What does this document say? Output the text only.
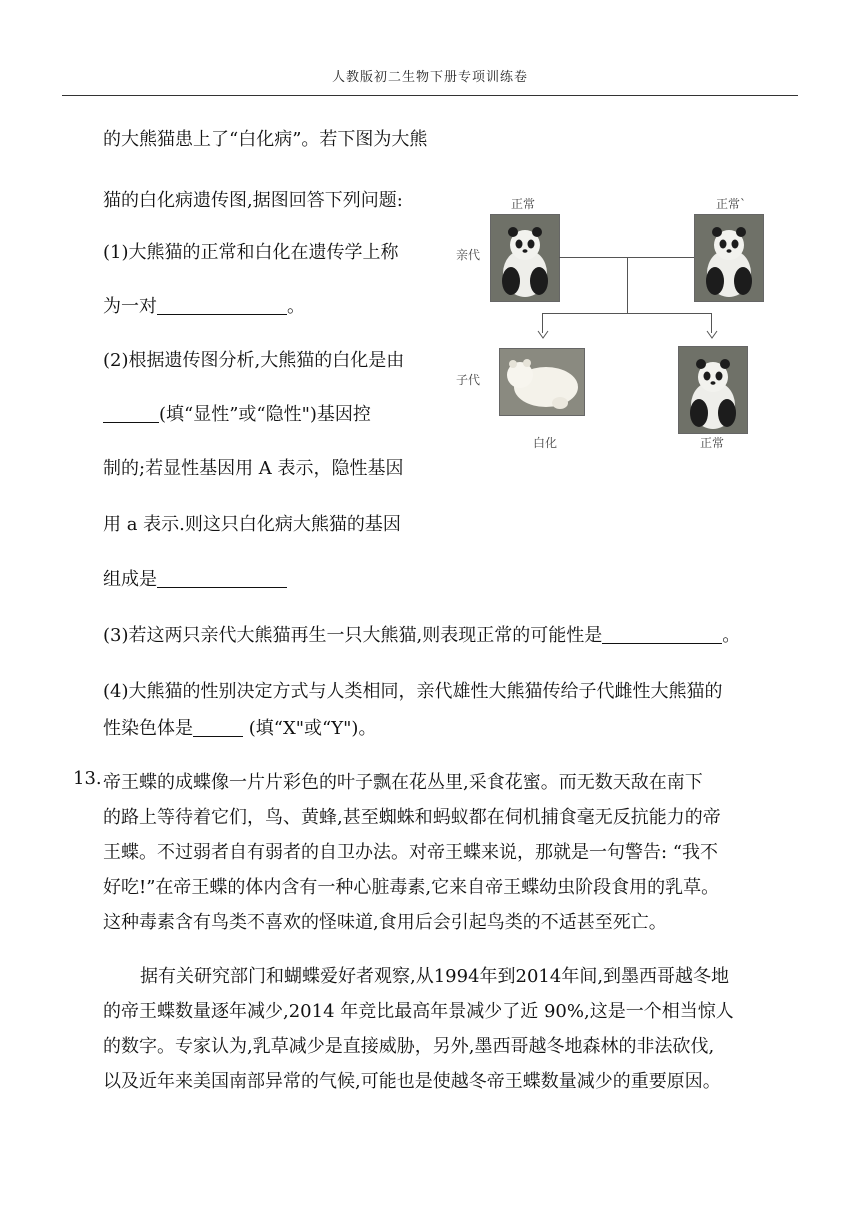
人教版初二生物下册专项训练卷
的大熊猫患上了“白化病”。若下图为大熊
猫的白化病遗传图,据图回答下列问题:
(1)大熊猫的正常和白化在遗传学上称
为一对	。
(2)根据遗传图分析,大熊猫的白化是由
(填“显性”或“隐性")基因控
制的;若显性基因用 A 表示，隐性基因
用 a 表示.则这只白化病大熊猫的基因
组成是
(3)若这两只亲代大熊猫再生一只大熊猫,则表现正常的可能性是	。
(4)大熊猫的性别决定方式与人类相同，亲代雄性大熊猫传给子代雌性大熊猫的
性染色体是	(填“X"或“Y")。
正常	正常`
亲代
子代
白化	正常
13. 帝王蝶的成蝶像一片片彩色的叶子飘在花丛里,采食花蜜。而无数天敌在南下
的路上等待着它们，鸟、黄蜂,甚至蜘蛛和蚂蚁都在伺机捕食毫无反抗能力的帝
王蝶。不过弱者自有弱者的自卫办法。对帝王蝶来说，那就是一句警告: “我不
好吃!”在帝王蝶的体内含有一种心脏毒素,它来自帝王蝶幼虫阶段食用的乳草。
这种毒素含有鸟类不喜欢的怪味道,食用后会引起鸟类的不适甚至死亡。
据有关研究部门和蝴蝶爱好者观察,从1994年到2014年间,到墨西哥越冬地
的帝王蝶数量逐年减少,2014 年竞比最高年景减少了近 90%,这是一个相当惊人
的数字。专家认为,乳草减少是直接威胁，另外,墨西哥越冬地森林的非法砍伐,
以及近年来美国南部异常的气候,可能也是使越冬帝王蝶数量减少的重要原因。
